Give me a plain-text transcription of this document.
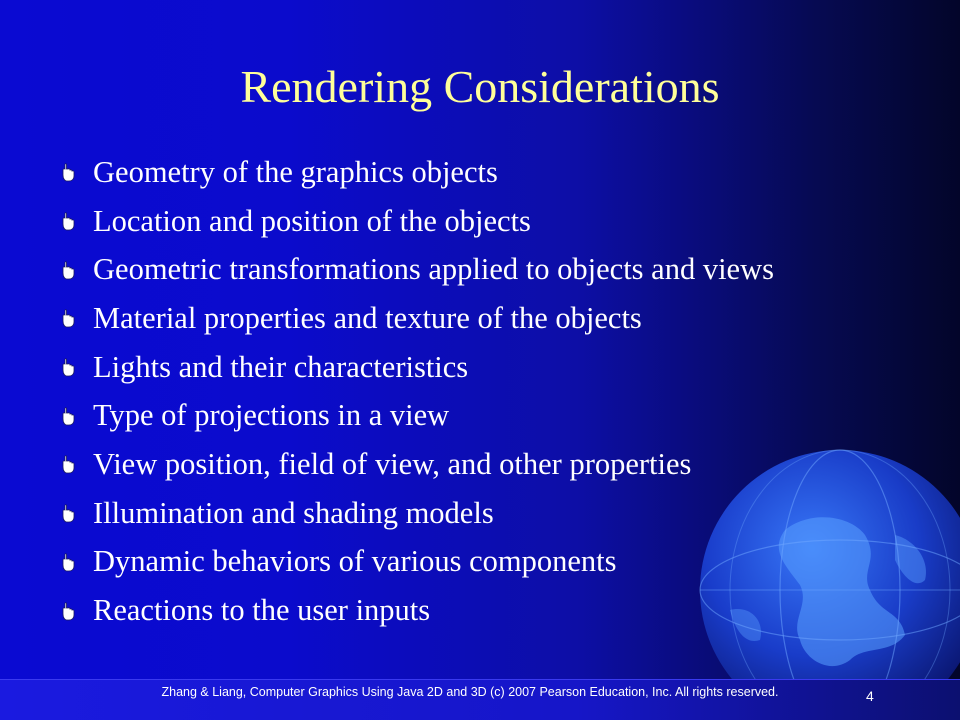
Rendering Considerations
Geometry of the graphics objects
Location and position of the objects
Geometric transformations applied to objects and views
Material properties and texture of the objects
Lights and their characteristics
Type of projections in a view
View position, field of view, and other properties
Illumination and shading models
Dynamic behaviors of various components
Reactions to the user inputs
Zhang & Liang, Computer Graphics Using Java 2D and 3D (c) 2007 Pearson Education, Inc. All rights reserved.	4
